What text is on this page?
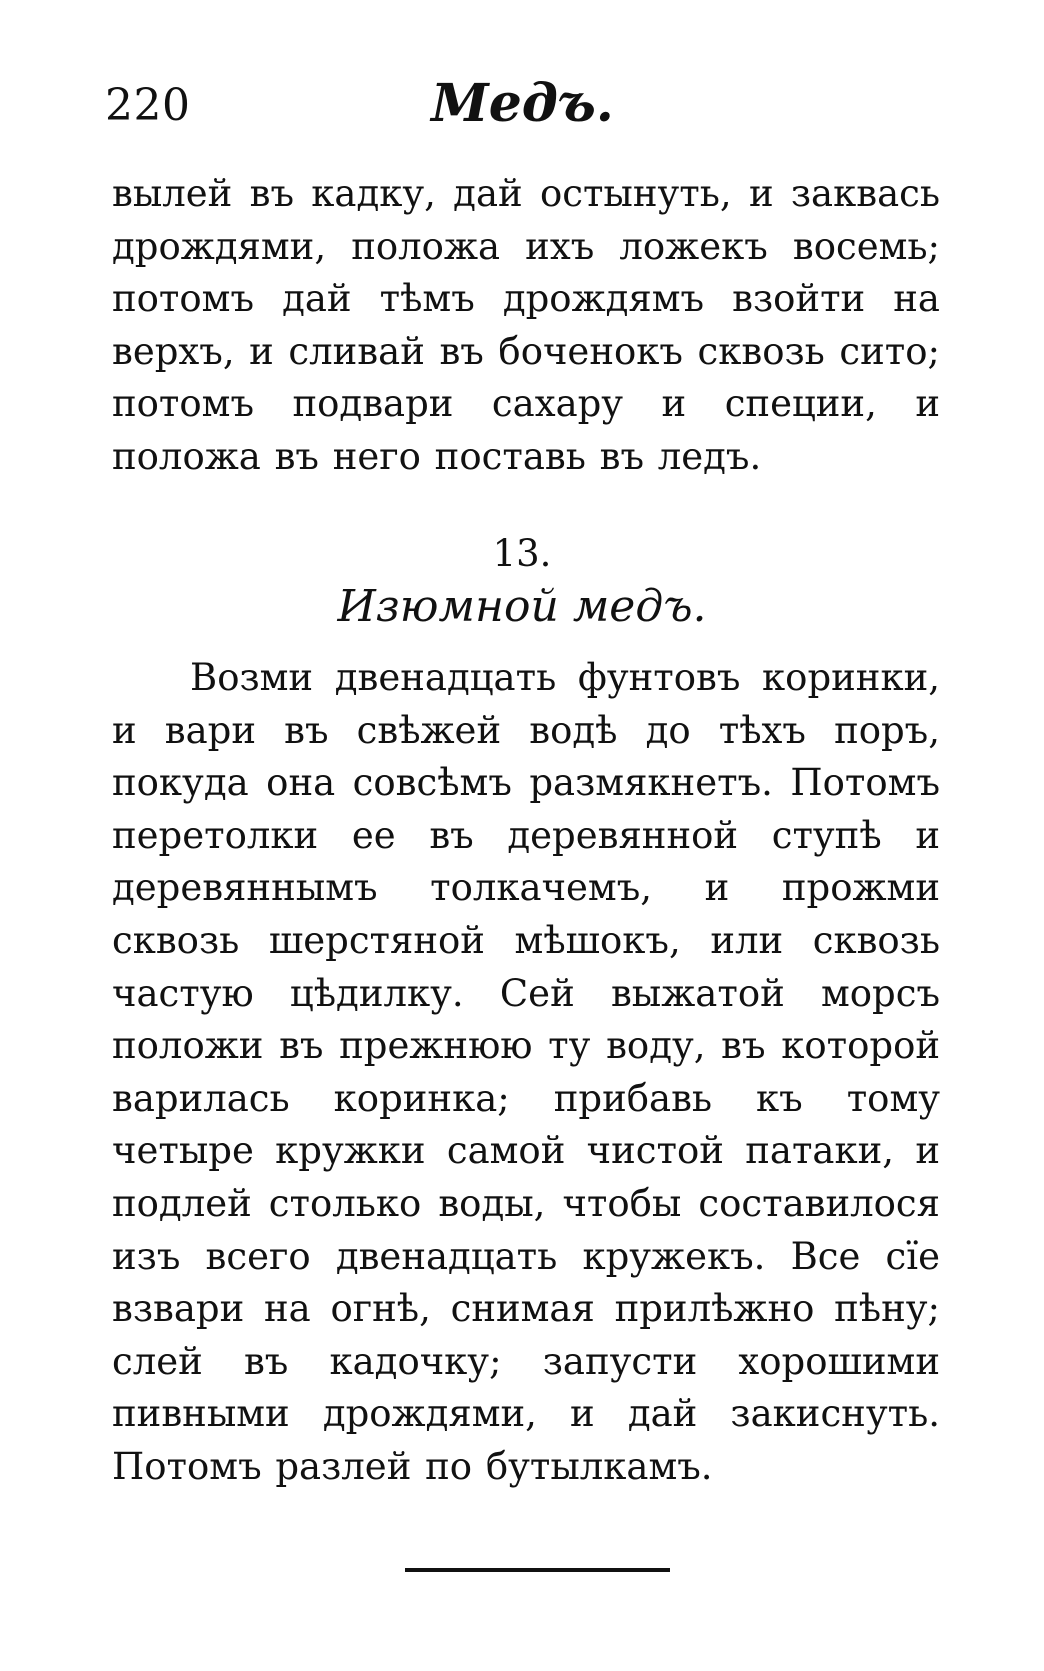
220	Медъ.
вылей въ кадку, дай остынуть, и заквась дрождями, положа ихъ ложекъ восемь; потомъ дай тѣмъ дрождямъ взойти на верхъ, и сливай въ боченокъ сквозь сито; потомъ подвари сахару и специи, и положа въ него поставь въ ледъ.
13.
Изюмной медъ.
Возми двенадцать фунтовъ коринки, и вари въ свѣжей водѣ до тѣхъ поръ, покуда она совсѣмъ размякнетъ. Потомъ перетолки ее въ деревянной ступѣ и деревяннымъ толкачемъ, и прожми сквозь шерстяной мѣшокъ, или сквозь частую цѣдилку. Сей выжатой морсъ положи въ прежнюю ту воду, въ которой варилась коринка; прибавь къ тому четыре кружки самой чистой патаки, и подлей столько воды, чтобы составилося изъ всего двенадцать кружекъ. Все сїе взвари на огнѣ, снимая прилѣжно пѣну; слей въ кадочку; запусти хорошими пивными дрождями, и дай закиснуть. Потомъ разлей по бутылкамъ.
